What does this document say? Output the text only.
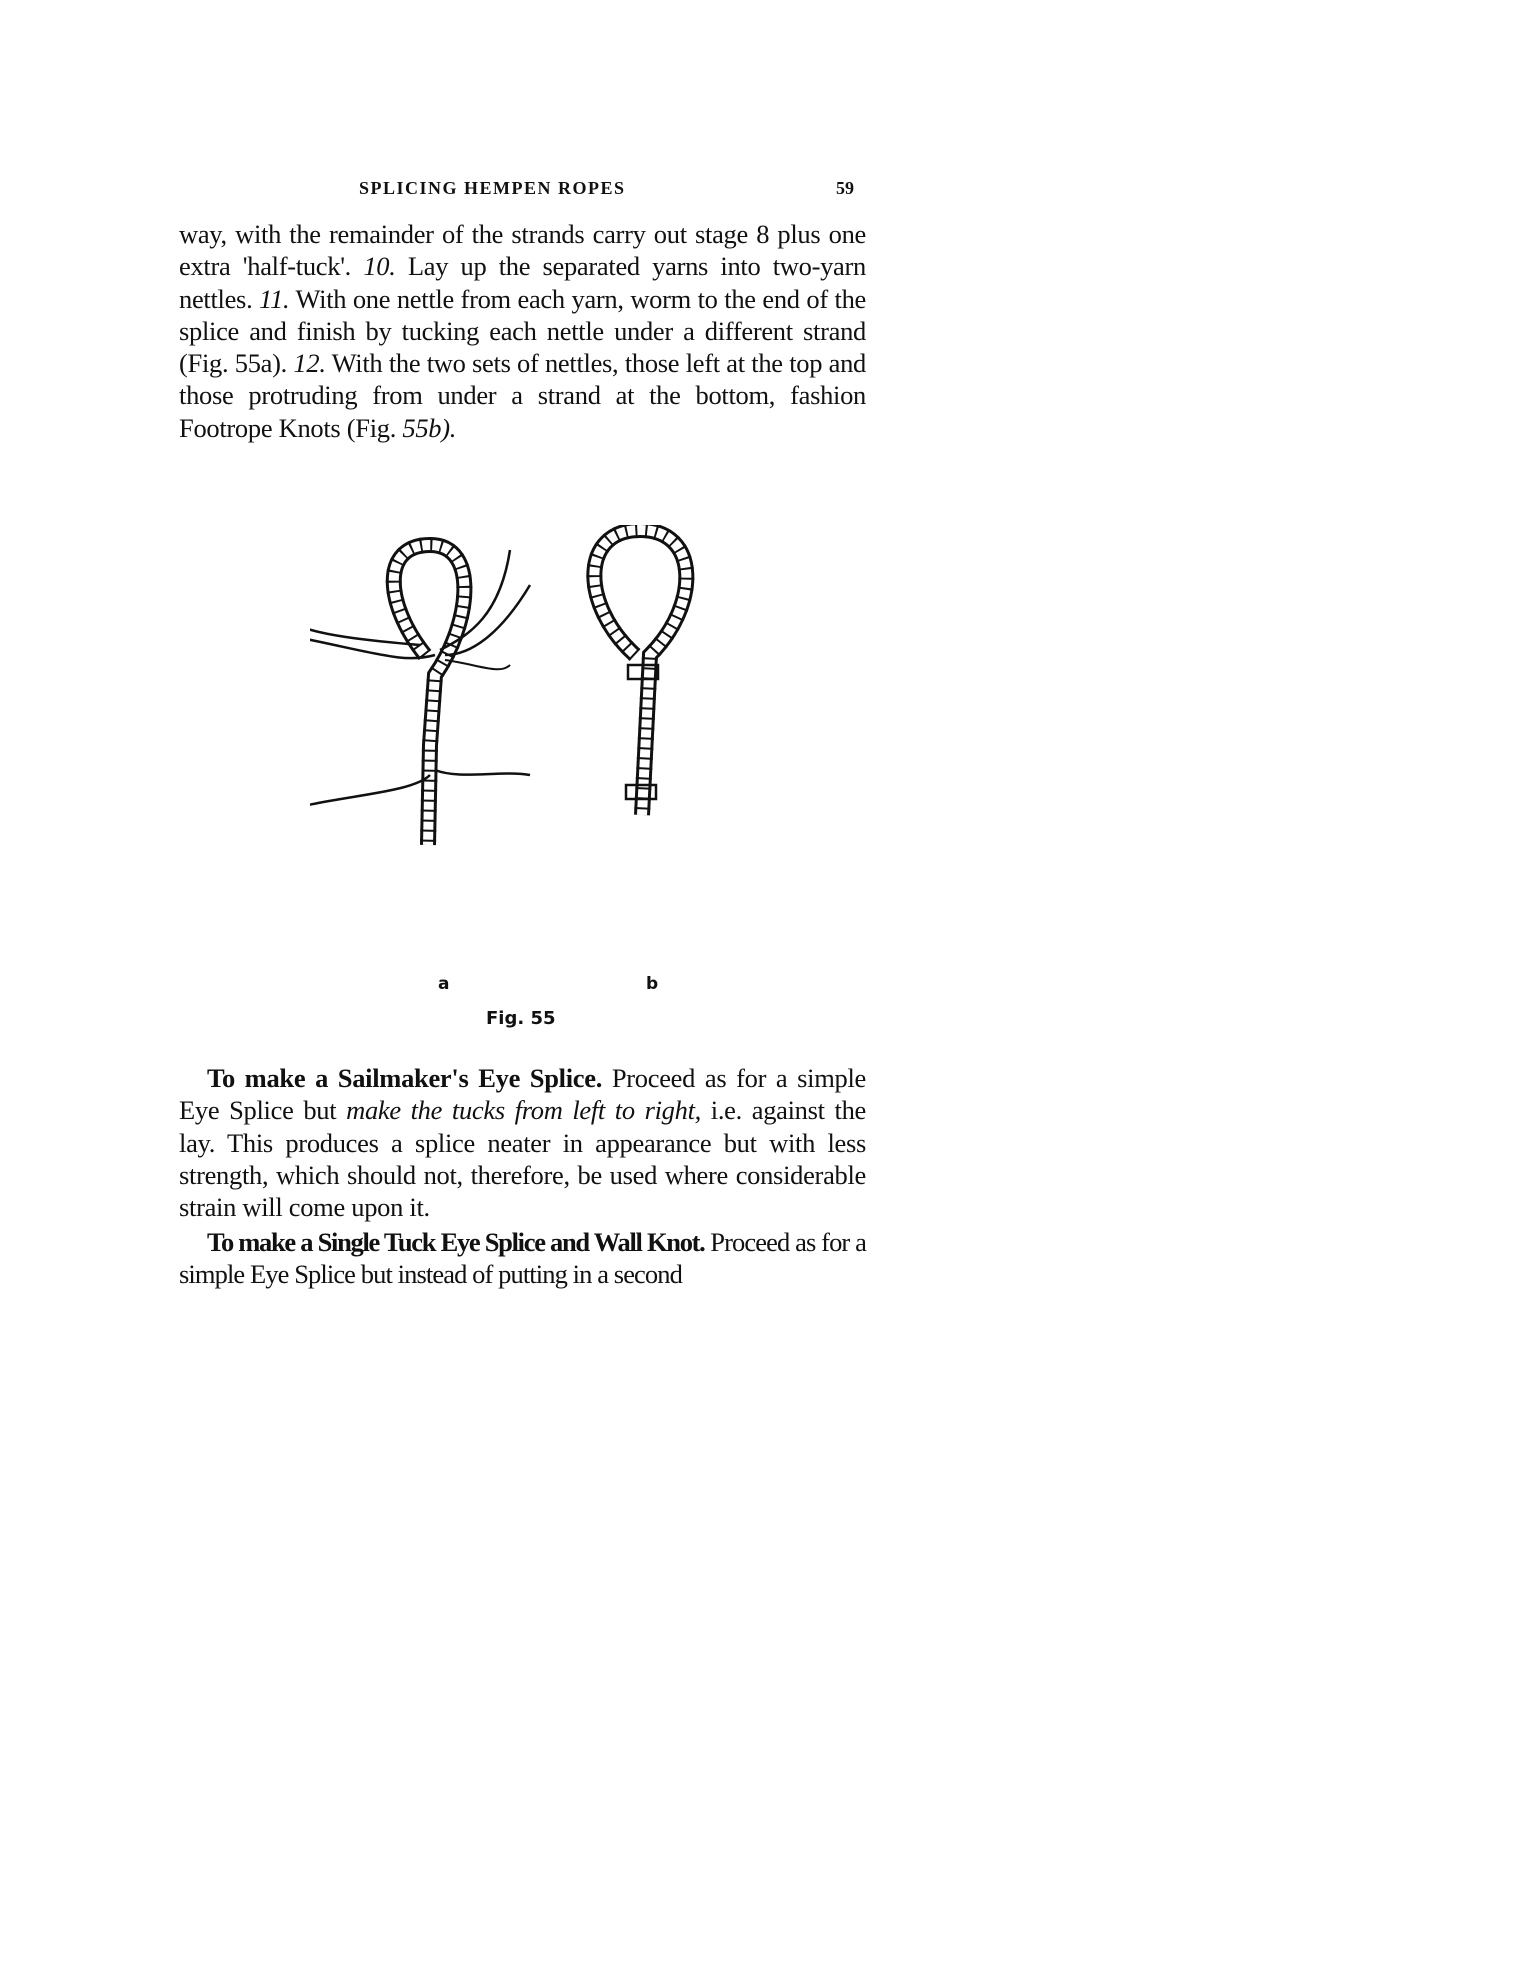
SPLICING HEMPEN ROPES	59
way, with the remainder of the strands carry out stage 8 plus one extra 'half-tuck'. 10. Lay up the separated yarns into two-yarn nettles. 11. With one nettle from each yarn, worm to the end of the splice and finish by tucking each nettle under a different strand (Fig. 55a). 12. With the two sets of nettles, those left at the top and those protruding from under a strand at the bottom, fashion Footrope Knots (Fig. 55b).
a	b
Fig. 55
To make a Sailmaker's Eye Splice. Proceed as for a simple Eye Splice but make the tucks from left to right, i.e. against the lay. This produces a splice neater in appearance but with less strength, which should not, therefore, be used where considerable strain will come upon it.
To make a Single Tuck Eye Splice and Wall Knot. Proceed as for a simple Eye Splice but instead of putting in a second
